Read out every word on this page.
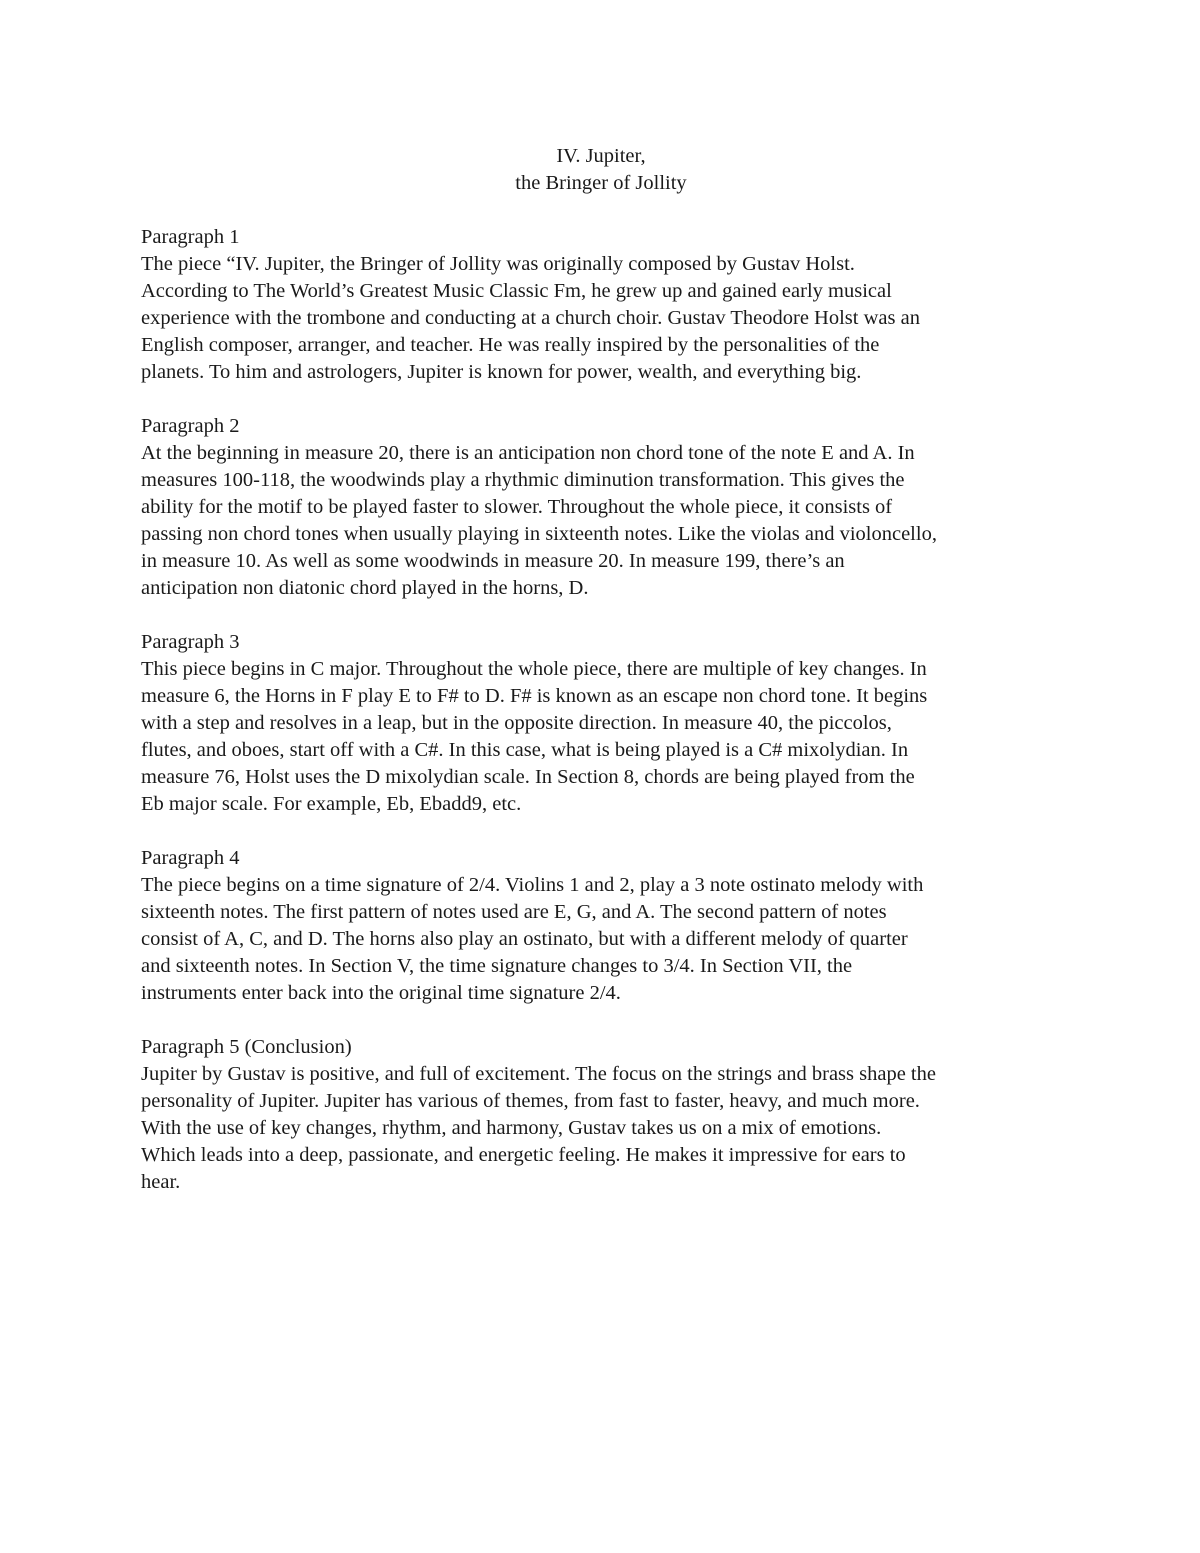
IV. Jupiter,
the Bringer of Jollity
Paragraph 1
The piece “IV. Jupiter, the Bringer of Jollity was originally composed by Gustav Holst.
According to The World’s Greatest Music Classic Fm, he grew up and gained early musical
experience with the trombone and conducting at a church choir. Gustav Theodore Holst was an
English composer, arranger, and teacher. He was really inspired by the personalities of the
planets. To him and astrologers, Jupiter is known for power, wealth, and everything big.
Paragraph 2
At the beginning in measure 20, there is an anticipation non chord tone of the note E and A. In
measures 100-118, the woodwinds play a rhythmic diminution transformation. This gives the
ability for the motif to be played faster to slower. Throughout the whole piece, it consists of
passing non chord tones when usually playing in sixteenth notes. Like the violas and violoncello,
in measure 10. As well as some woodwinds in measure 20. In measure 199, there’s an
anticipation non diatonic chord played in the horns, D.
Paragraph 3
This piece begins in C major. Throughout the whole piece, there are multiple of key changes. In
measure 6, the Horns in F play E to F# to D. F# is known as an escape non chord tone. It begins
with a step and resolves in a leap, but in the opposite direction. In measure 40, the piccolos,
flutes, and oboes, start off with a C#. In this case, what is being played is a C# mixolydian. In
measure 76, Holst uses the D mixolydian scale. In Section 8, chords are being played from the
Eb major scale. For example, Eb, Ebadd9, etc.
Paragraph 4
The piece begins on a time signature of 2/4. Violins 1 and 2, play a 3 note ostinato melody with
sixteenth notes. The first pattern of notes used are E, G, and A. The second pattern of notes
consist of A, C, and D. The horns also play an ostinato, but with a different melody of quarter
and sixteenth notes. In Section V, the time signature changes to 3/4. In Section VII, the
instruments enter back into the original time signature 2/4.
Paragraph 5 (Conclusion)
Jupiter by Gustav is positive, and full of excitement. The focus on the strings and brass shape the
personality of Jupiter. Jupiter has various of themes, from fast to faster, heavy, and much more.
With the use of key changes, rhythm, and harmony, Gustav takes us on a mix of emotions.
Which leads into a deep, passionate, and energetic feeling. He makes it impressive for ears to
hear.
